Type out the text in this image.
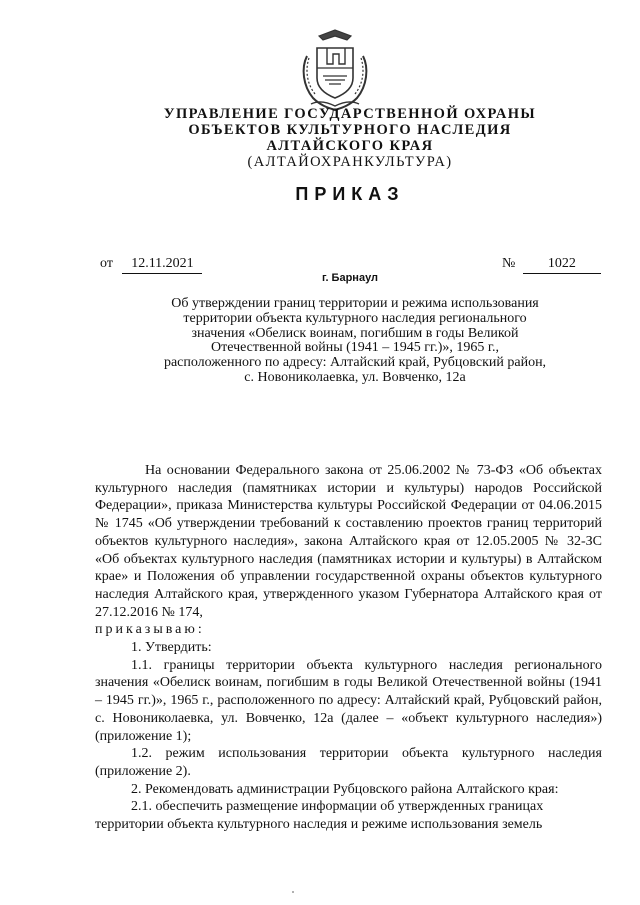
УПРАВЛЕНИЕ ГОСУДАРСТВЕННОЙ ОХРАНЫ
ОБЪЕКТОВ КУЛЬТУРНОГО НАСЛЕДИЯ
АЛТАЙСКОГО КРАЯ
(АЛТАЙОХРАНКУЛЬТУРА)
ПРИКАЗ
от 12.11.2021	№ 1022
г. Барнаул
Об утверждении границ территории и режима использования
территории объекта культурного наследия регионального
значения «Обелиск воинам, погибшим в годы Великой
Отечественной войны (1941 – 1945 гг.)», 1965 г.,
расположенного по адресу: Алтайский край, Рубцовский район,
с. Новониколаевка, ул. Вовченко, 12а

На основании Федерального закона от 25.06.2002 № 73-ФЗ «Об объектах культурного наследия (памятниках истории и культуры) народов Российской Федерации», приказа Министерства культуры Российской Федерации от 04.06.2015 № 1745 «Об утверждении требований к составлению проектов границ территорий объектов культурного наследия», закона Алтайского края от 12.05.2005 № 32-ЗС «Об объектах культурного наследия (памятниках истории и культуры) в Алтайском крае» и Положения об управлении государственной охраны объектов культурного наследия Алтайского края, утвержденного указом Губернатора Алтайского края от 27.12.2016 № 174,

приказываю:

1. Утвердить:

1.1. границы территории объекта культурного наследия регионального значения «Обелиск воинам, погибшим в годы Великой Отечественной войны (1941 – 1945 гг.)», 1965 г., расположенного по адресу: Алтайский край, Рубцовский район, с. Новониколаевка, ул. Вовченко, 12а (далее – «объект культурного наследия») (приложение 1);

1.2. режим использования территории объекта культурного наследия (приложение 2).

2. Рекомендовать администрации Рубцовского района Алтайского края:

2.1. обеспечить размещение информации об утвержденных границах

территории объекта культурного наследия и режиме использования земель
